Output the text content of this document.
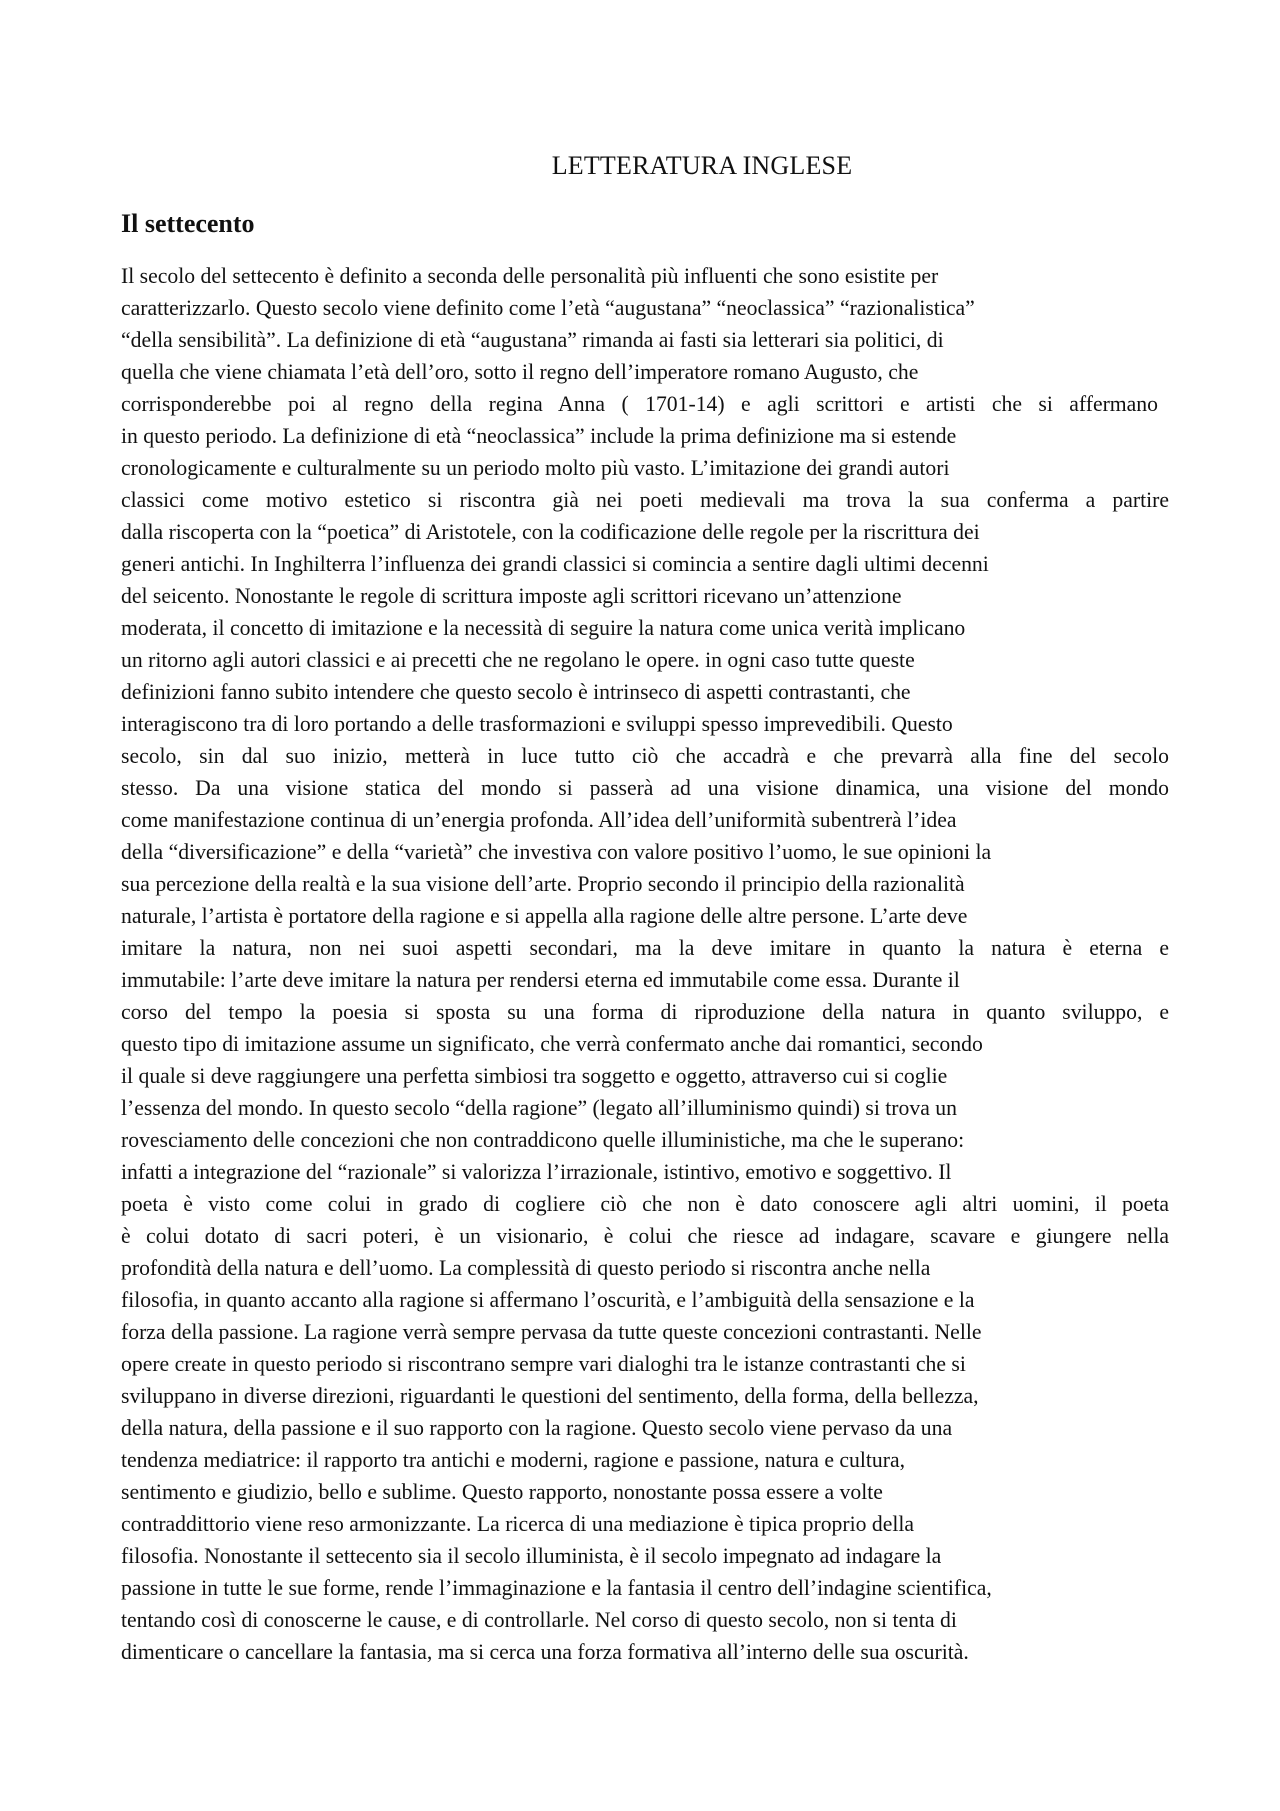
LETTERATURA INGLESE
Il settecento
Il secolo del settecento è definito a seconda delle personalità più influenti che sono esistite per
caratterizzarlo. Questo secolo viene definito come l’età “augustana” “neoclassica” “razionalistica”
“della sensibilità”. La definizione di età “augustana” rimanda ai fasti sia letterari sia politici, di
quella che viene chiamata l’età dell’oro, sotto il regno dell’imperatore romano Augusto, che
corrisponderebbe poi al regno della regina Anna ( 1701-14) e agli scrittori e artisti che si affermano
in questo periodo. La definizione di età “neoclassica” include la prima definizione ma si estende
cronologicamente e culturalmente su un periodo molto più vasto. L’imitazione dei grandi autori
classici come motivo estetico si riscontra già nei poeti medievali ma trova la sua conferma a partire
dalla riscoperta con la “poetica” di Aristotele, con la codificazione delle regole per la riscrittura dei
generi antichi. In Inghilterra l’influenza dei grandi classici si comincia a sentire dagli ultimi decenni
del seicento. Nonostante le regole di scrittura imposte agli scrittori ricevano un’attenzione
moderata, il concetto di imitazione e la necessità di seguire la natura come unica verità implicano
un ritorno agli autori classici e ai precetti che ne regolano le opere. in ogni caso tutte queste
definizioni fanno subito intendere che questo secolo è intrinseco di aspetti contrastanti, che
interagiscono tra di loro portando a delle trasformazioni e sviluppi spesso imprevedibili. Questo
secolo, sin dal suo inizio, metterà in luce tutto ciò che accadrà e che prevarrà alla fine del secolo
stesso. Da una visione statica del mondo si passerà ad una visione dinamica, una visione del mondo
come manifestazione continua di un’energia profonda. All’idea dell’uniformità subentrerà l’idea
della “diversificazione” e della “varietà” che investiva con valore positivo l’uomo, le sue opinioni la
sua percezione della realtà e la sua visione dell’arte. Proprio secondo il principio della razionalità
naturale, l’artista è portatore della ragione e si appella alla ragione delle altre persone. L’arte deve
imitare la natura, non nei suoi aspetti secondari, ma la deve imitare in quanto la natura è eterna e
immutabile: l’arte deve imitare la natura per rendersi eterna ed immutabile come essa. Durante il
corso del tempo la poesia si sposta su una forma di riproduzione della natura in quanto sviluppo, e
questo tipo di imitazione assume un significato, che verrà confermato anche dai romantici, secondo
il quale si deve raggiungere una perfetta simbiosi tra soggetto e oggetto, attraverso cui si coglie
l’essenza del mondo. In questo secolo “della ragione” (legato all’illuminismo quindi) si trova un
rovesciamento delle concezioni che non contraddicono quelle illuministiche, ma che le superano:
infatti a integrazione del “razionale” si valorizza l’irrazionale, istintivo, emotivo e soggettivo. Il
poeta è visto come colui in grado di cogliere ciò che non è dato conoscere agli altri uomini, il poeta
è colui dotato di sacri poteri, è un visionario, è colui che riesce ad indagare, scavare e giungere nella
profondità della natura e dell’uomo. La complessità di questo periodo si riscontra anche nella
filosofia, in quanto accanto alla ragione si affermano l’oscurità, e l’ambiguità della sensazione e la
forza della passione. La ragione verrà sempre pervasa da tutte queste concezioni contrastanti. Nelle
opere create in questo periodo si riscontrano sempre vari dialoghi tra le istanze contrastanti che si
sviluppano in diverse direzioni, riguardanti le questioni del sentimento, della forma, della bellezza,
della natura, della passione e il suo rapporto con la ragione. Questo secolo viene pervaso da una
tendenza mediatrice: il rapporto tra antichi e moderni, ragione e passione, natura e cultura,
sentimento e giudizio, bello e sublime. Questo rapporto, nonostante possa essere a volte
contraddittorio viene reso armonizzante. La ricerca di una mediazione è tipica proprio della
filosofia. Nonostante il settecento sia il secolo illuminista, è il secolo impegnato ad indagare la
passione in tutte le sue forme, rende l’immaginazione e la fantasia il centro dell’indagine scientifica,
tentando così di conoscerne le cause, e di controllarle. Nel corso di questo secolo, non si tenta di
dimenticare o cancellare la fantasia, ma si cerca una forza formativa all’interno delle sua oscurità.
